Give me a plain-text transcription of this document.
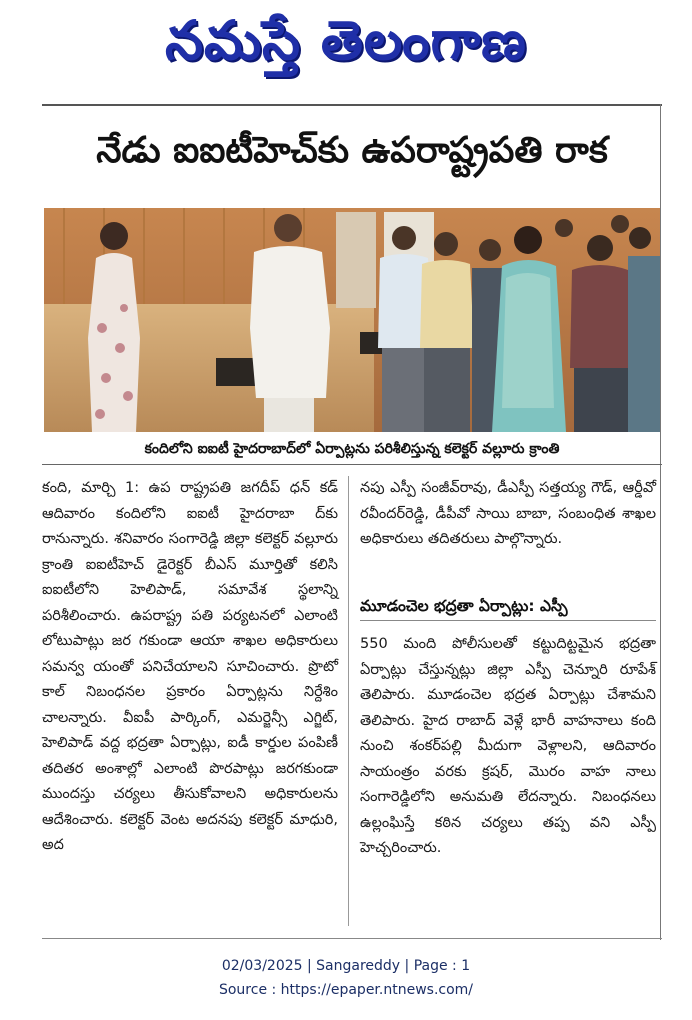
నమస్తే తెలంగాణ
నేడు ఐఐటీహెచ్‌కు ఉపరాష్ట్రపతి రాక
కందిలోని ఐఐటీ హైదరాబాద్‌లో ఏర్పాట్లను పరిశీలిస్తున్న కలెక్టర్ వల్లూరు క్రాంతి
కంది, మార్చి 1: ఉప రాష్ట్రపతి జగదీప్ ధన్ కడ్ ఆదివారం కందిలోని ఐఐటీ హైదరాబా ద్‌కు రానున్నారు. శనివారం సంగారెడ్డి జిల్లా కలెక్టర్ వల్లూరు క్రాంతి ఐఐటీహెచ్ డైరెక్టర్ బీఎస్ మూర్తితో కలిసి ఐఐటీలోని హెలిపాడ్, సమావేశ స్థలాన్ని పరిశీలించారు. ఉపరాష్ట్ర పతి పర్యటనలో ఎలాంటి లోటుపాట్లు జర గకుండా ఆయా శాఖల అధికారులు సమన్వ యంతో పనిచేయాలని సూచించారు. ప్రొటో కాల్ నిబంధనల ప్రకారం ఏర్పాట్లను నిర్దేశిం చాలన్నారు. వీఐపీ పార్కింగ్, ఎమర్జెన్సీ ఎగ్జిట్, హెలిపాడ్ వద్ద భద్రతా ఏర్పాట్లు, ఐడీ కార్డుల పంపిణీ తదితర అంశాల్లో ఎలాంటి పొరపాట్లు జరగకుండా ముందస్తు చర్యలు తీసుకోవాలని అధికారులను ఆదేశించారు. కలెక్టర్ వెంట అదనపు కలెక్టర్ మాధురి, అద
నపు ఎస్పీ సంజీవ్‌రావు, డీఎస్పీ సత్తయ్య గౌడ్, ఆర్డీవో రవీందర్‌రెడ్డి, డీపీవో సాయి బాబా, సంబంధిత శాఖల అధికారులు తదితరులు పాల్గొన్నారు.
మూడంచెల భద్రతా ఏర్పాట్లు: ఎస్పీ
550 మంది పోలీసులతో కట్టుదిట్టమైన భద్రతా ఏర్పాట్లు చేస్తున్నట్లు జిల్లా ఎస్పీ చెన్నూరి రూపేశ్ తెలిపారు. మూడంచెల భద్రత ఏర్పాట్లు చేశామని తెలిపారు. హైద రాబాద్ వెళ్లే భారీ వాహనాలు కంది నుంచి శంకర్‌పల్లి మీదుగా వెళ్లాలని, ఆదివారం సాయంత్రం వరకు క్రషర్, మొరం వాహ నాలు సంగారెడ్డిలోని అనుమతి లేదన్నారు. నిబంధనలు ఉల్లంఘిస్తే కఠిన చర్యలు తప్ప వని ఎస్పీ హెచ్చరించారు.
02/03/2025 | Sangareddy | Page : 1
Source : https://epaper.ntnews.com/
